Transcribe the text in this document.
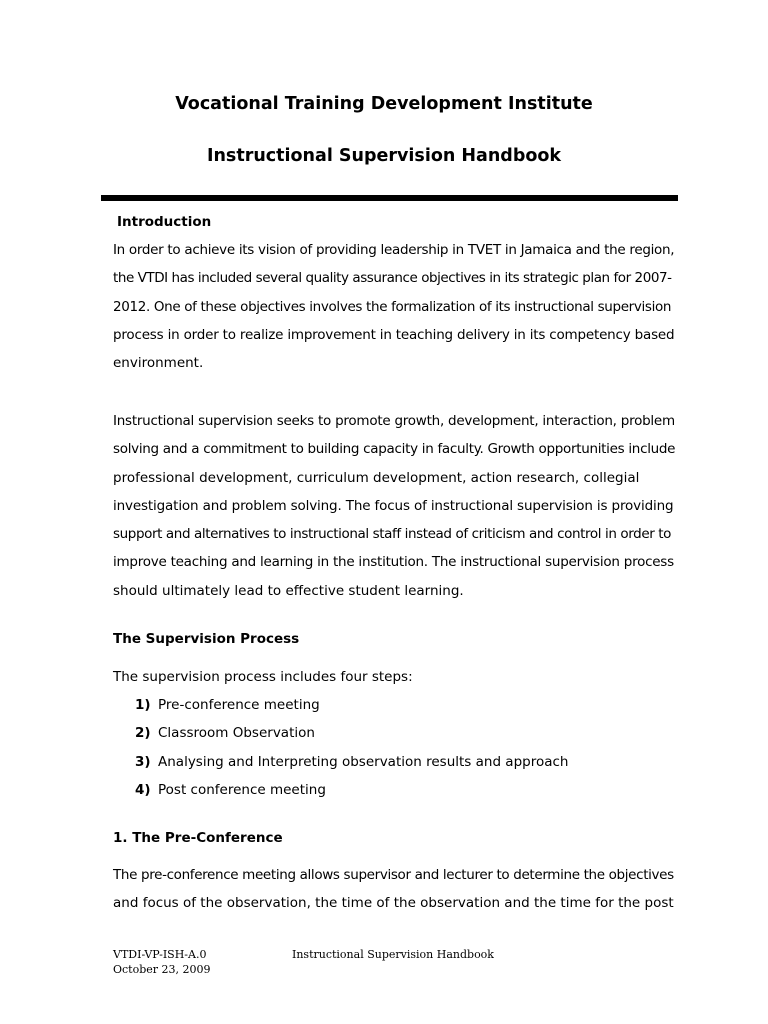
Vocational Training Development Institute
Instructional Supervision Handbook
Introduction
In order to achieve its vision of providing leadership in TVET in Jamaica and the region,
the VTDI has included several quality assurance objectives in its strategic plan for 2007-
2012. One of these objectives involves the formalization of its instructional supervision
process in order to realize improvement in teaching delivery in its competency based
environment.
Instructional supervision seeks to promote growth, development, interaction, problem
solving and a commitment to building capacity in faculty. Growth opportunities include
professional development, curriculum development, action research, collegial
investigation and problem solving. The focus of instructional supervision is providing
support and alternatives to instructional staff instead of criticism and control in order to
improve teaching and learning in the institution. The instructional supervision process
should ultimately lead to effective student learning.
The Supervision Process
The supervision process includes four steps:
1) Pre-conference meeting
2) Classroom Observation
3) Analysing and Interpreting observation results and approach
4) Post conference meeting
1. The Pre-Conference
The pre-conference meeting allows supervisor and lecturer to determine the objectives
and focus of the observation, the time of the observation and the time for the post
VTDI-VP-ISH-A.0
October 23, 2009
Instructional Supervision Handbook
